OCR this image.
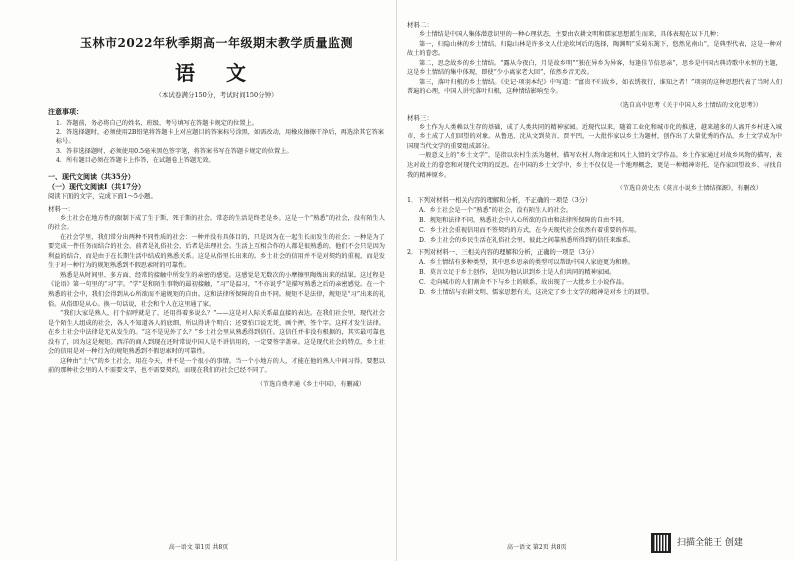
玉林市2022年秋季期高一年级期末教学质量监测
语 文
（本试卷满分150分，考试时间150分钟）
注意事项：
1．答题前，务必将自己的姓名、班级、考号填写在答题卡规定的位置上。
2．答选择题时，必须使用2B铅笔将答题卡上对应题目的答案标号涂黑，如需改动，用橡皮擦擦干净后，再选涂其它答案标号。
3．答非选择题时，必须使用0.5毫米黑色签字笔，将答案书写在答题卡规定的位置上。
4．所有题目必须在答题卡上作答，在试题卷上答题无效。
一、现代文阅读（共35分）
（一）现代文阅读Ⅰ（共17分）
阅读下面的文字，完成下面1～5小题。
材料一：

乡土社会在地方性的限制下成了生于斯、死于斯的社会。常态的生活是终老是乡。这是一个“熟悉”的社会，没有陌生人的社会。

在社会学里，我们常分出两种不同性质的社会：一种并没有具体目的，只是因为在一起生长而发生的社会；一种是为了要完成一件任务而结合的社会。前者是礼俗社会，后者是法理社会。生活上互相合作的人都是很熟悉的，他们不会只是因为利益的结合，而是由于在长期生活中结成的熟悉关系。这是从俗里长出来的。乡土社会的信用并不是对契约的重视，而是发生于对一种行为的规矩熟悉到不假思索时的可靠性。

熟悉是从时间里、多方面、经常的接触中所发生的亲密的感觉。这感觉是无数次的小摩擦里陶炼出来的结果。这过程是《论语》第一句里的“习”字。“学”是和陌生事物的最初接触，“习”是温习，“不亦说乎”是描写熟悉之后的亲密感觉。在一个熟悉的社会中，我们会得到从心所欲而不逾规矩的自由。这和法律所保障的自由不同。规矩不是法律，规矩是“习”出来的礼俗。从俗即是从心。换一句话说，社会和个人在这里通了家。

“我们大家是熟人，打个招呼就是了，还用得着多说么？”——这是对人际关系最直接的表达。在我们社会里，现代社会是个陌生人组成的社会，各人不知道各人的底细，所以得讲个明白；还要怕口说无凭，画个押，签个字。这样才发生法律。在乡土社会中法律是无从发生的。“这不是见外了么？”乡土社会里从熟悉得到信任。这信任并非没有根据的，其实最可靠也没有了，因为这是规矩。西洋的商人到现在还时常说中国人是不讲信用的，一定要签字盖章。这是现代社会的特点，乡土社会的信用是对一种行为的规矩熟悉到不假思索时的可靠性。

这种由“土气”的乡土社会，用在今天，并不是一个很小的事情。当一个小地方的人，才能在他的熟人中间习得，要想以前的那种社会里的人不需要文字，也不需要契约，而现在我们的社会已经不同了。

（节选自费孝通《乡土中国》，有删减）
高一语文 第1页 共8页
材料二：

乡土情结是中国人集体潜意识里的一种心理状态，主要由农耕文明和儒家思想派生而来，具体表现在以下几种：

第一，归隐山林的乡土情结。归隐山林是许多文人仕途坎坷后的选择，陶渊明“采菊东篱下，悠然见南山”，是典型代表，这是一种对故土的眷恋。

第二，思念故乡的乡土情结。“露从今夜白，月是故乡明”“独在异乡为异客，每逢佳节倍思亲”，思乡是中国古典诗歌中永恒的主题，这是乡土情结的集中体现，即使“少小离家老大回”，依然乡音无改。

第三，落叶归根的乡土情结。《史记·项羽本纪》中写道：“富贵不归故乡，如衣绣夜行，谁知之者！”项羽的这种思想代表了当时人们普遍的心理，中国人讲究落叶归根，这种情结影响至今。

（选自高中思考《关于中国人乡土情结的文化思考》）
材料三：

乡土作为人类赖以生存的基础，成了人类共同的精神家园。近现代以来，随着工业化和城市化的推进，越来越多的人离开乡村进入城市，乡土成了人们回望的对象。从鲁迅、沈从文到莫言、贾平凹，一大批作家以乡土为题材，创作出了大量优秀的作品，乡土文学成为中国现当代文学的重要组成部分。

一般意义上的“乡土文学”，是指以农村生活为题材，描写农村人物命运和风土人情的文学作品。乡土作家通过对故乡风物的描写，表达对故土的眷恋和对现代文明的反思。在中国的乡土文学中，乡土不仅仅是一个地理概念，更是一种精神寄托，是作家回望故乡、寻找自我的精神原乡。

（节选自黄史杰《莫言小说乡土情结探源》，有删改）
1．下列对材料一相关内容的理解和分析，不正确的一项是（3分）
A．乡土社会是一个“熟悉”的社会，没有陌生人的社会。
B．规矩和法律不同，熟悉社会中人心所欲的自由和法律所保障的自由不同。
C．乡土社会重视信用而不签契约的方式，在今天现代社会依然有着重要的作用。
D．乡土社会的乡民生活在礼俗社会里，彼此之间靠熟悉所得到的信任来维系。
2．下列对材料一、三相关内容的理解和分析，正确的一项是（3分）
A．乡土情结有多种类型，其中思乡思亲的类型可以帮助中国人家庭更为和睦。
B．莫言立足于乡土创作，是因为他认识到乡土是人们共同的精神家园。
C．走向城市的人们割舍不下与乡土的联系，故出现了一大批乡土小说作品。
D．乡土情结与农耕文明、儒家思想有关，这决定了乡土文学的精神是对乡土的回望。
高一语文 第2页 共8页	扫描全能王 创建
